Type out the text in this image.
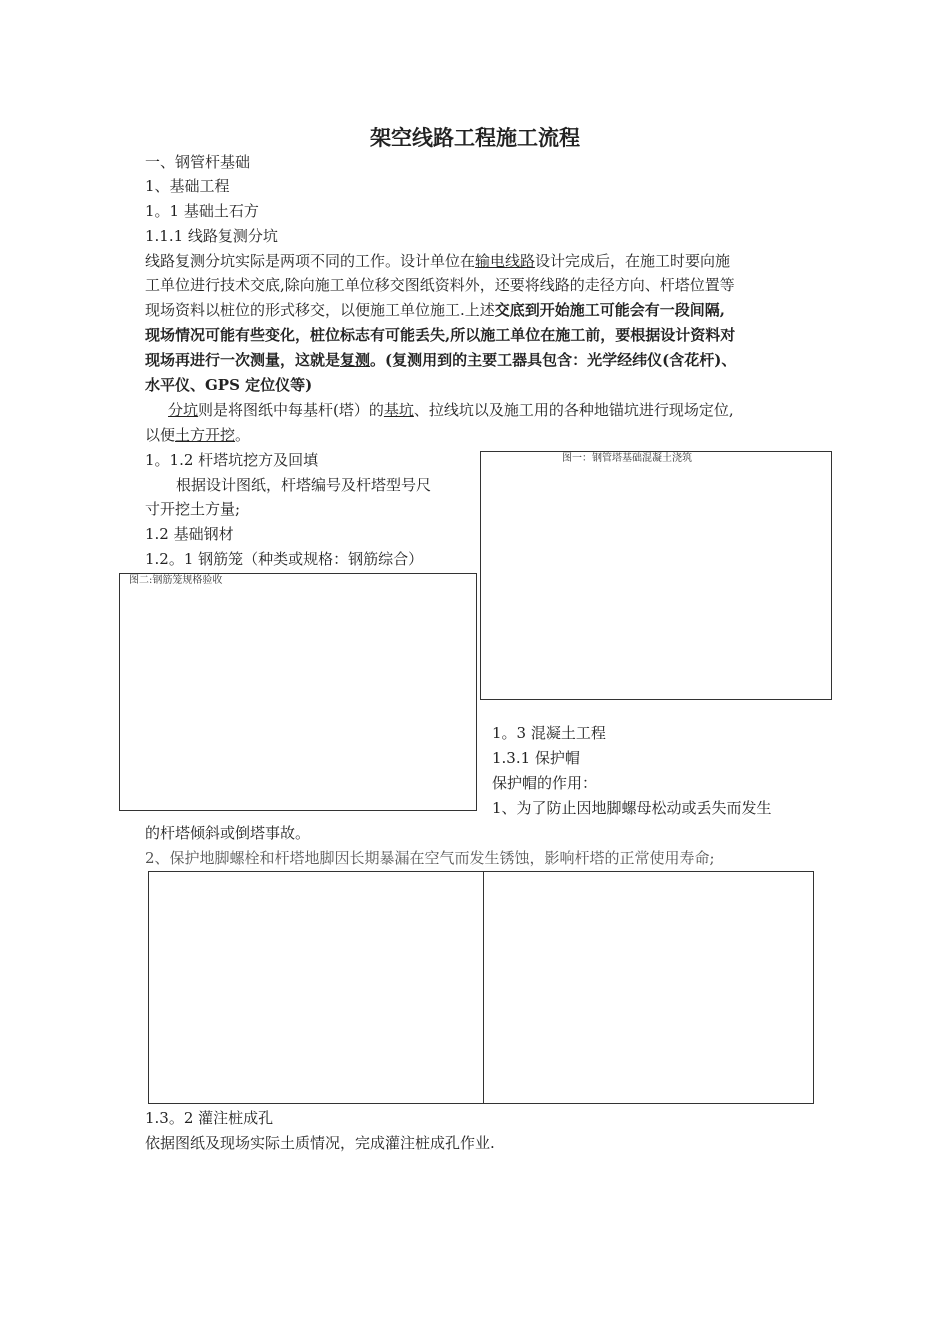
架空线路工程施工流程
一、钢管杆基础
1、基础工程
1。1 基础土石方
1.1.1 线路复测分坑
线路复测分坑实际是两项不同的工作。设计单位在输电线路设计完成后，在施工时要向施
工单位进行技术交底,除向施工单位移交图纸资料外，还要将线路的走径方向、杆塔位置等
现场资料以桩位的形式移交，以便施工单位施工.上述交底到开始施工可能会有一段间隔,
现场情况可能有些变化，桩位标志有可能丢失,所以施工单位在施工前，要根据设计资料对
现场再进行一次测量，这就是复测。(复测用到的主要工器具包含：光学经纬仪(含花杆)、
水平仪、GPS 定位仪等)
分坑则是将图纸中每基杆(塔）的基坑、拉线坑以及施工用的各种地锚坑进行现场定位,
以便土方开挖。
1。1.2 杆塔坑挖方及回填
根据设计图纸，杆塔编号及杆塔型号尺
寸开挖土方量;
1.2 基础钢材
1.2。1 钢筋笼（种类或规格：钢筋综合）
图一：钢管塔基础混凝土浇筑
图二:钢筋笼规格验收
1。3 混凝土工程
1.3.1 保护帽
保护帽的作用：
1、为了防止因地脚螺母松动或丢失而发生
的杆塔倾斜或倒塔事故。
2、保护地脚螺栓和杆塔地脚因长期暴漏在空气而发生锈蚀，影响杆塔的正常使用寿命;
1.3。2 灌注桩成孔
依据图纸及现场实际土质情况，完成灌注桩成孔作业.
